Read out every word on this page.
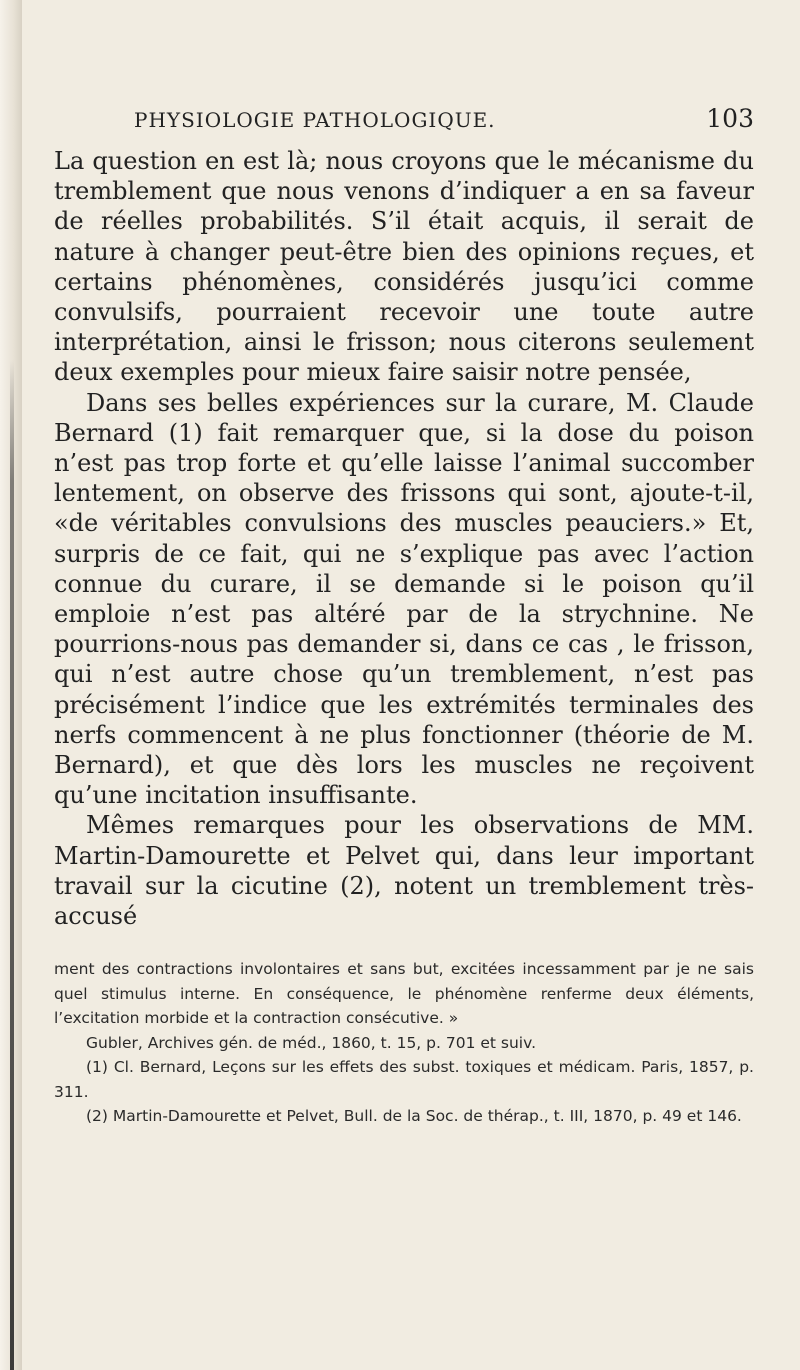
PHYSIOLOGIE PATHOLOGIQUE.	103

La question en est là; nous croyons que le mécanisme du tremblement que nous venons d’indiquer a en sa faveur de réelles probabilités. S’il était acquis, il serait de nature à changer peut-être bien des opinions reçues, et certains phénomènes, considérés jusqu’ici comme convulsifs, pourraient recevoir une toute autre interprétation, ainsi le frisson; nous citerons seulement deux exemples pour mieux faire saisir notre pensée,

Dans ses belles expériences sur la curare, M. Claude Bernard (1) fait remarquer que, si la dose du poison n’est pas trop forte et qu’elle laisse l’animal succomber lentement, on observe des frissons qui sont, ajoute-t-il, «de véritables convulsions des muscles peauciers.» Et, surpris de ce fait, qui ne s’explique pas avec l’action connue du curare, il se demande si le poison qu’il emploie n’est pas altéré par de la strychnine. Ne pourrions-nous pas demander si, dans ce cas , le frisson, qui n’est autre chose qu’un tremblement, n’est pas précisément l’indice que les extrémités terminales des nerfs commencent à ne plus fonctionner (théorie de M. Bernard), et que dès lors les muscles ne reçoivent qu’une incitation insuffisante.

Mêmes remarques pour les observations de MM. Martin-Damourette et Pelvet qui, dans leur important travail sur la cicutine (2), notent un tremblement très-accusé

ment des contractions involontaires et sans but, excitées incessamment par je ne sais quel stimulus interne. En conséquence, le phénomène renferme deux éléments, l’excitation morbide et la contraction consécutive. »

Gubler, Archives gén. de méd., 1860, t. 15, p. 701 et suiv.

(1) Cl. Bernard, Leçons sur les effets des subst. toxiques et médicam. Paris, 1857, p. 311.

(2) Martin-Damourette et Pelvet, Bull. de la Soc. de thérap., t. III, 1870, p. 49 et 146.
